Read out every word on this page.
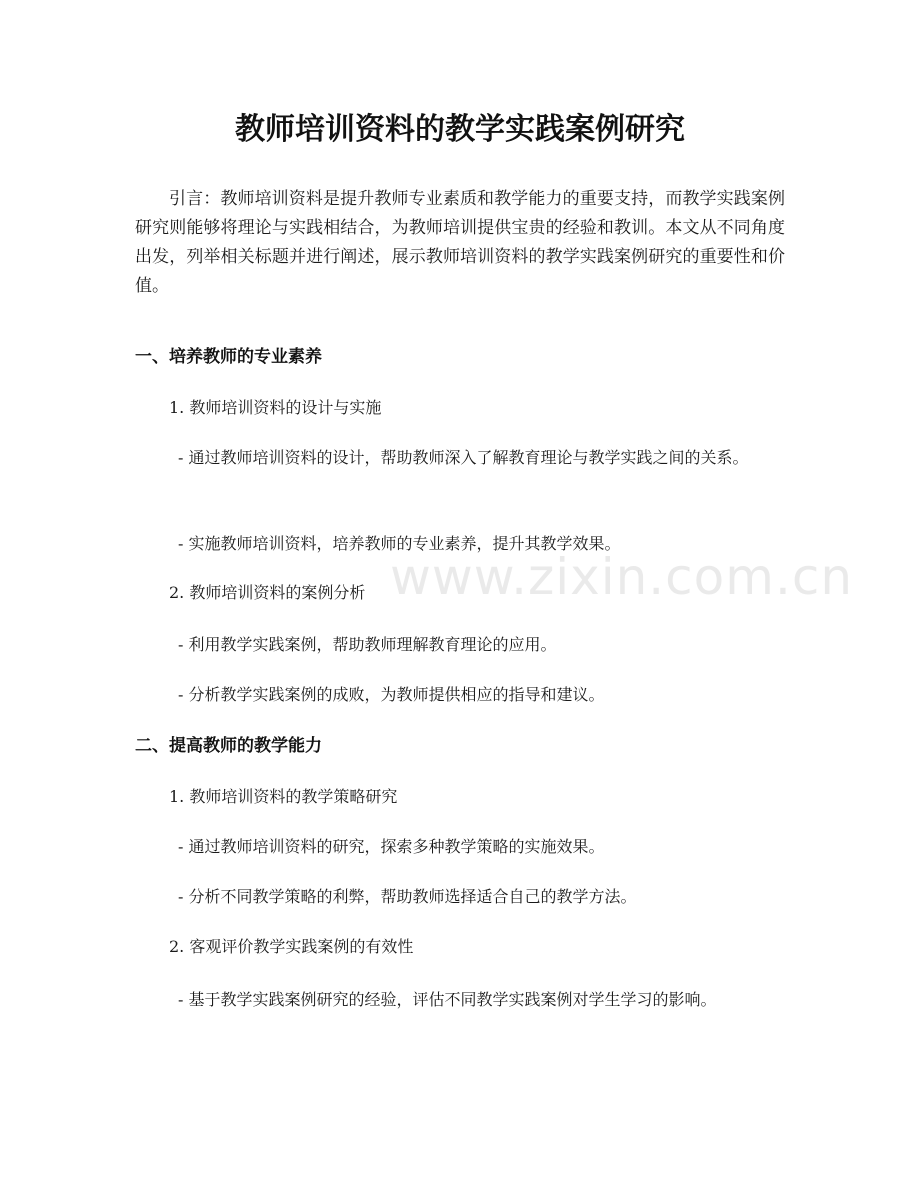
教师培训资料的教学实践案例研究

引言：教师培训资料是提升教师专业素质和教学能力的重要支持，而教学实践案例研究则能够将理论与实践相结合，为教师培训提供宝贵的经验和教训。本文从不同角度出发，列举相关标题并进行阐述，展示教师培训资料的教学实践案例研究的重要性和价值。

www.zixin.com.cn
一、培养教师的专业素养

1. 教师培训资料的设计与实施

- 通过教师培训资料的设计，帮助教师深入了解教育理论与教学实践之间的关系。

- 实施教师培训资料，培养教师的专业素养，提升其教学效果。

2. 教师培训资料的案例分析

- 利用教学实践案例，帮助教师理解教育理论的应用。

- 分析教学实践案例的成败，为教师提供相应的指导和建议。

二、提高教师的教学能力

1. 教师培训资料的教学策略研究

- 通过教师培训资料的研究，探索多种教学策略的实施效果。

- 分析不同教学策略的利弊，帮助教师选择适合自己的教学方法。

2. 客观评价教学实践案例的有效性

- 基于教学实践案例研究的经验，评估不同教学实践案例对学生学习的影响。
